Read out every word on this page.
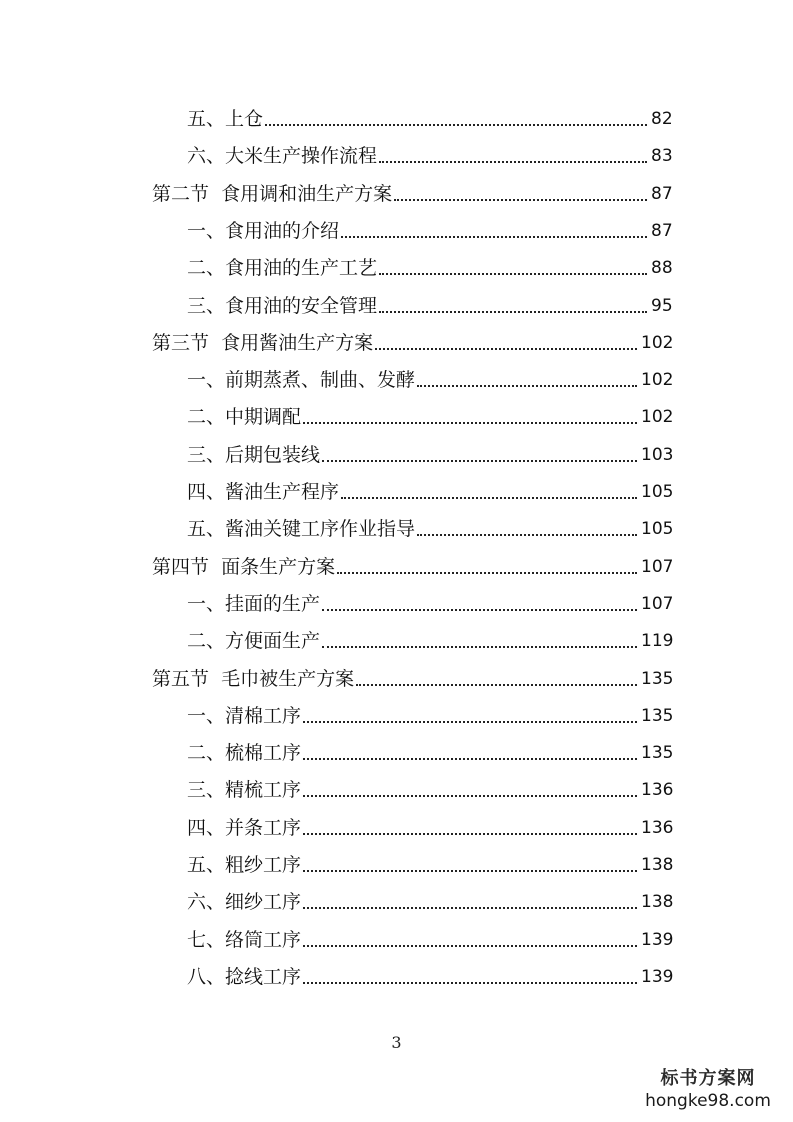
五、上仓	82
六、大米生产操作流程	83
第二节  食用调和油生产方案	87
一、食用油的介绍	87
二、食用油的生产工艺	88
三、食用油的安全管理	95
第三节  食用酱油生产方案	102
一、前期蒸煮、制曲、发酵	102
二、中期调配	102
三、后期包装线	103
四、酱油生产程序	105
五、酱油关键工序作业指导	105
第四节  面条生产方案	107
一、挂面的生产	107
二、方便面生产	119
第五节  毛巾被生产方案	135
一、清棉工序	135
二、梳棉工序	135
三、精梳工序	136
四、并条工序	136
五、粗纱工序	138
六、细纱工序	138
七、络筒工序	139
八、捻线工序	139
3
标书方案网
hongke98.com
